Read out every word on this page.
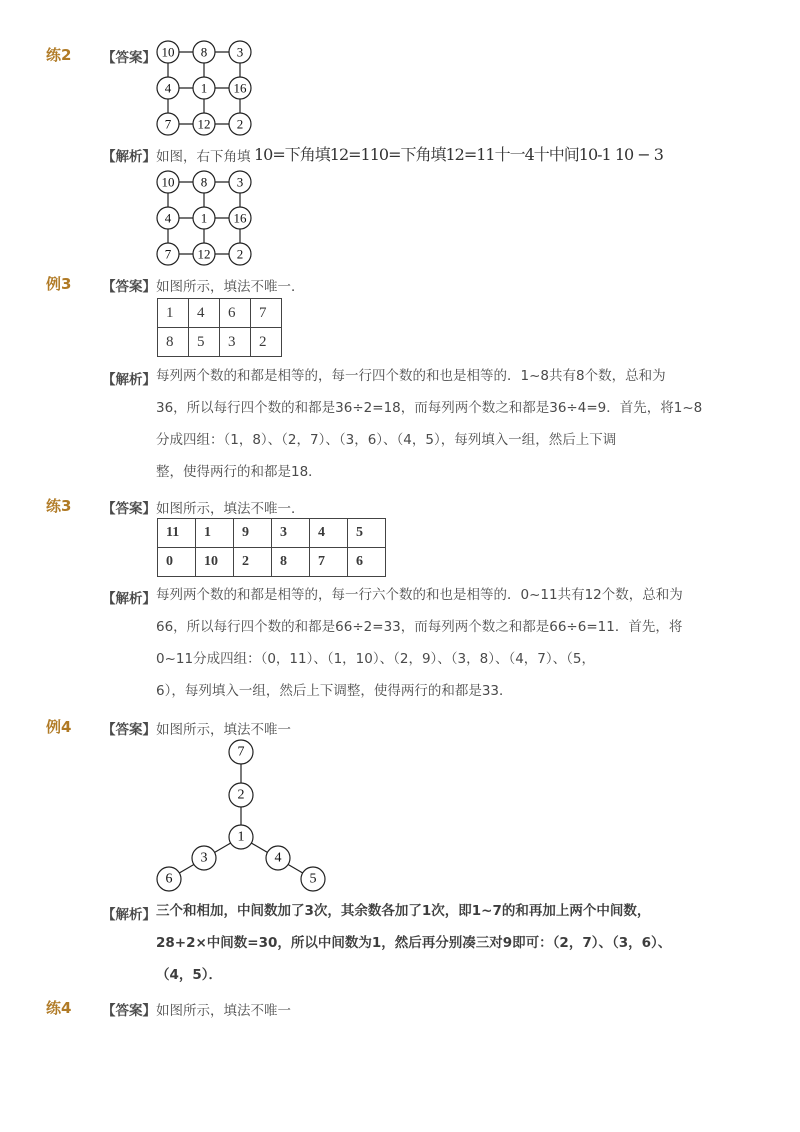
练2 【答案】 10 8 3
4 1 16
7 12 2
【解析】 如图，右下角填 10=下角填12=110=下角填12=11十一4十中间10-1 10 − 3
10 8 3
4 1 16
7 12 2
例3 【答案】 如图所示，填法不唯一．
1	4	6	7
8	5	3	2
【解析】 每列两个数的和都是相等的，每一行四个数的和也是相等的．1~8共有8个数，总和为
36，所以每行四个数的和都是36÷2=18，而每列两个数之和都是36÷4=9．首先，将1~8
分成四组：（1，8）、（2，7）、（3，6）、（4，5），每列填入一组，然后上下调
整，使得两行的和都是18．
练3 【答案】 如图所示，填法不唯一．
11	1	9	3	4	5
0	10	2	8	7	6
【解析】 每列两个数的和都是相等的，每一行六个数的和也是相等的．0~11共有12个数，总和为
66，所以每行四个数的和都是66÷2=33，而每列两个数之和都是66÷6=11．首先，将
0~11分成四组：（0，11）、（1，10）、（2，9）、（3，8）、（4，7）、（5，
6），每列填入一组，然后上下调整，使得两行的和都是33．
例4 【答案】 如图所示，填法不唯一
7
2
1
3
6
4
5
【解析】 三个和相加，中间数加了3次，其余数各加了1次，即1~7的和再加上两个中间数，
28+2×中间数=30，所以中间数为1，然后再分别凑三对9即可：（2，7）、（3，6）、
（4，5）．
练4 【答案】 如图所示，填法不唯一
